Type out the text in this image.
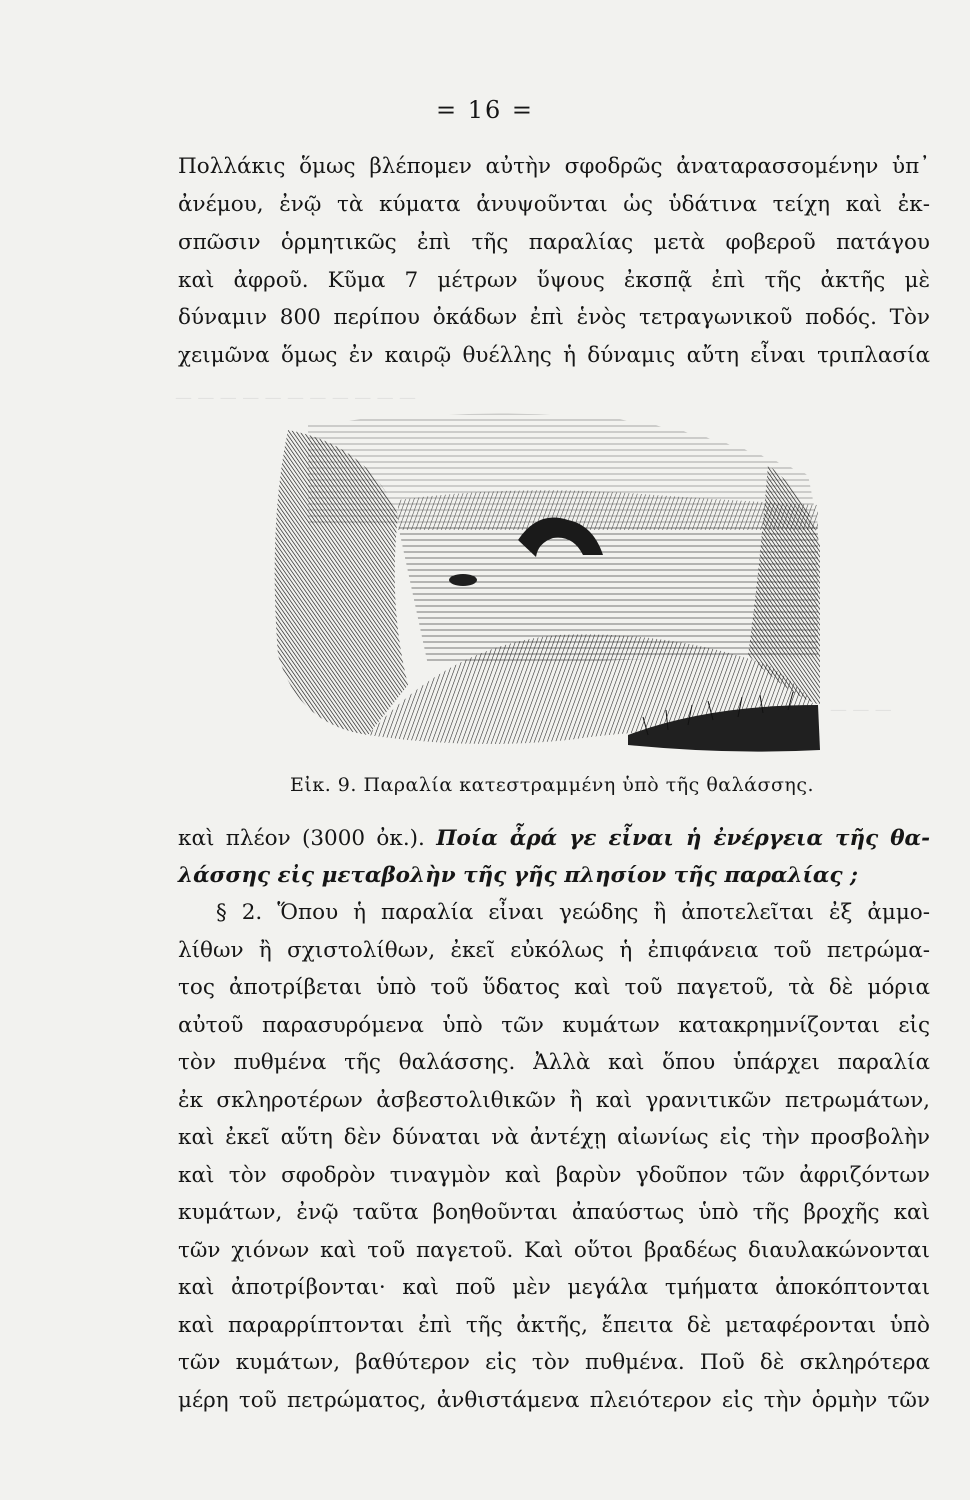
— — — — — — — — — — —
— — —
= 16 =
Πολλάκις ὅμως βλέπομεν αὐτὴν σφοδρῶς ἀναταρασσομένην ὑπ᾽
ἀνέμου, ἐνῷ τὰ κύματα ἀνυψοῦνται ὡς ὑδάτινα τείχη καὶ ἐκ-
σπῶσιν ὁρμητικῶς ἐπὶ τῆς παραλίας μετὰ φοβεροῦ πατάγου
καὶ ἀφροῦ. Κῦμα 7 μέτρων ὕψους ἐκσπᾷ ἐπὶ τῆς ἀκτῆς μὲ
δύναμιν 800 περίπου ὀκάδων ἐπὶ ἑνὸς τετραγωνικοῦ ποδός. Τὸν
χειμῶνα ὅμως ἐν καιρῷ θυέλλης ἡ δύναμις αὔτη εἶναι τριπλασία
Εἰκ. 9. Παραλία κατεστραμμένη ὑπὸ τῆς θαλάσσης.
καὶ πλέον (3000 ὀκ.). Ποία ἆρά γε εἶναι ἡ ἐνέργεια τῆς θα-
λάσσης εἰς μεταβολὴν τῆς γῆς πλησίον τῆς παραλίας ;
§ 2. Ὅπου ἡ παραλία εἶναι γεώδης ἢ ἀποτελεῖται ἐξ ἀμμο-
λίθων ἢ σχιστολίθων, ἐκεῖ εὐκόλως ἡ ἐπιφάνεια τοῦ πετρώμα-
τος ἀποτρίβεται ὑπὸ τοῦ ὕδατος καὶ τοῦ παγετοῦ, τὰ δὲ μόρια
αὐτοῦ παρασυρόμενα ὑπὸ τῶν κυμάτων κατακρημνίζονται εἰς
τὸν πυθμένα τῆς θαλάσσης. Ἀλλὰ καὶ ὅπου ὑπάρχει παραλία
ἐκ σκληροτέρων ἀσβεστολιθικῶν ἢ καὶ γρανιτικῶν πετρωμάτων,
καὶ ἐκεῖ αὕτη δὲν δύναται νὰ ἀντέχῃ αἰωνίως εἰς τὴν προσβολὴν
καὶ τὸν σφοδρὸν τιναγμὸν καὶ βαρὺν γδοῦπον τῶν ἀφριζόντων
κυμάτων, ἐνῷ ταῦτα βοηθοῦνται ἀπαύστως ὑπὸ τῆς βροχῆς καὶ
τῶν χιόνων καὶ τοῦ παγετοῦ. Καὶ οὕτοι βραδέως διαυλακώνονται
καὶ ἀποτρίβονται· καὶ ποῦ μὲν μεγάλα τμήματα ἀποκόπτονται
καὶ παραρρίπτονται ἐπὶ τῆς ἀκτῆς, ἔπειτα δὲ μεταφέρονται ὑπὸ
τῶν κυμάτων, βαθύτερον εἰς τὸν πυθμένα. Ποῦ δὲ σκληρότερα
μέρη τοῦ πετρώματος, ἀνθιστάμενα πλειότερον εἰς τὴν ὁρμὴν τῶν
